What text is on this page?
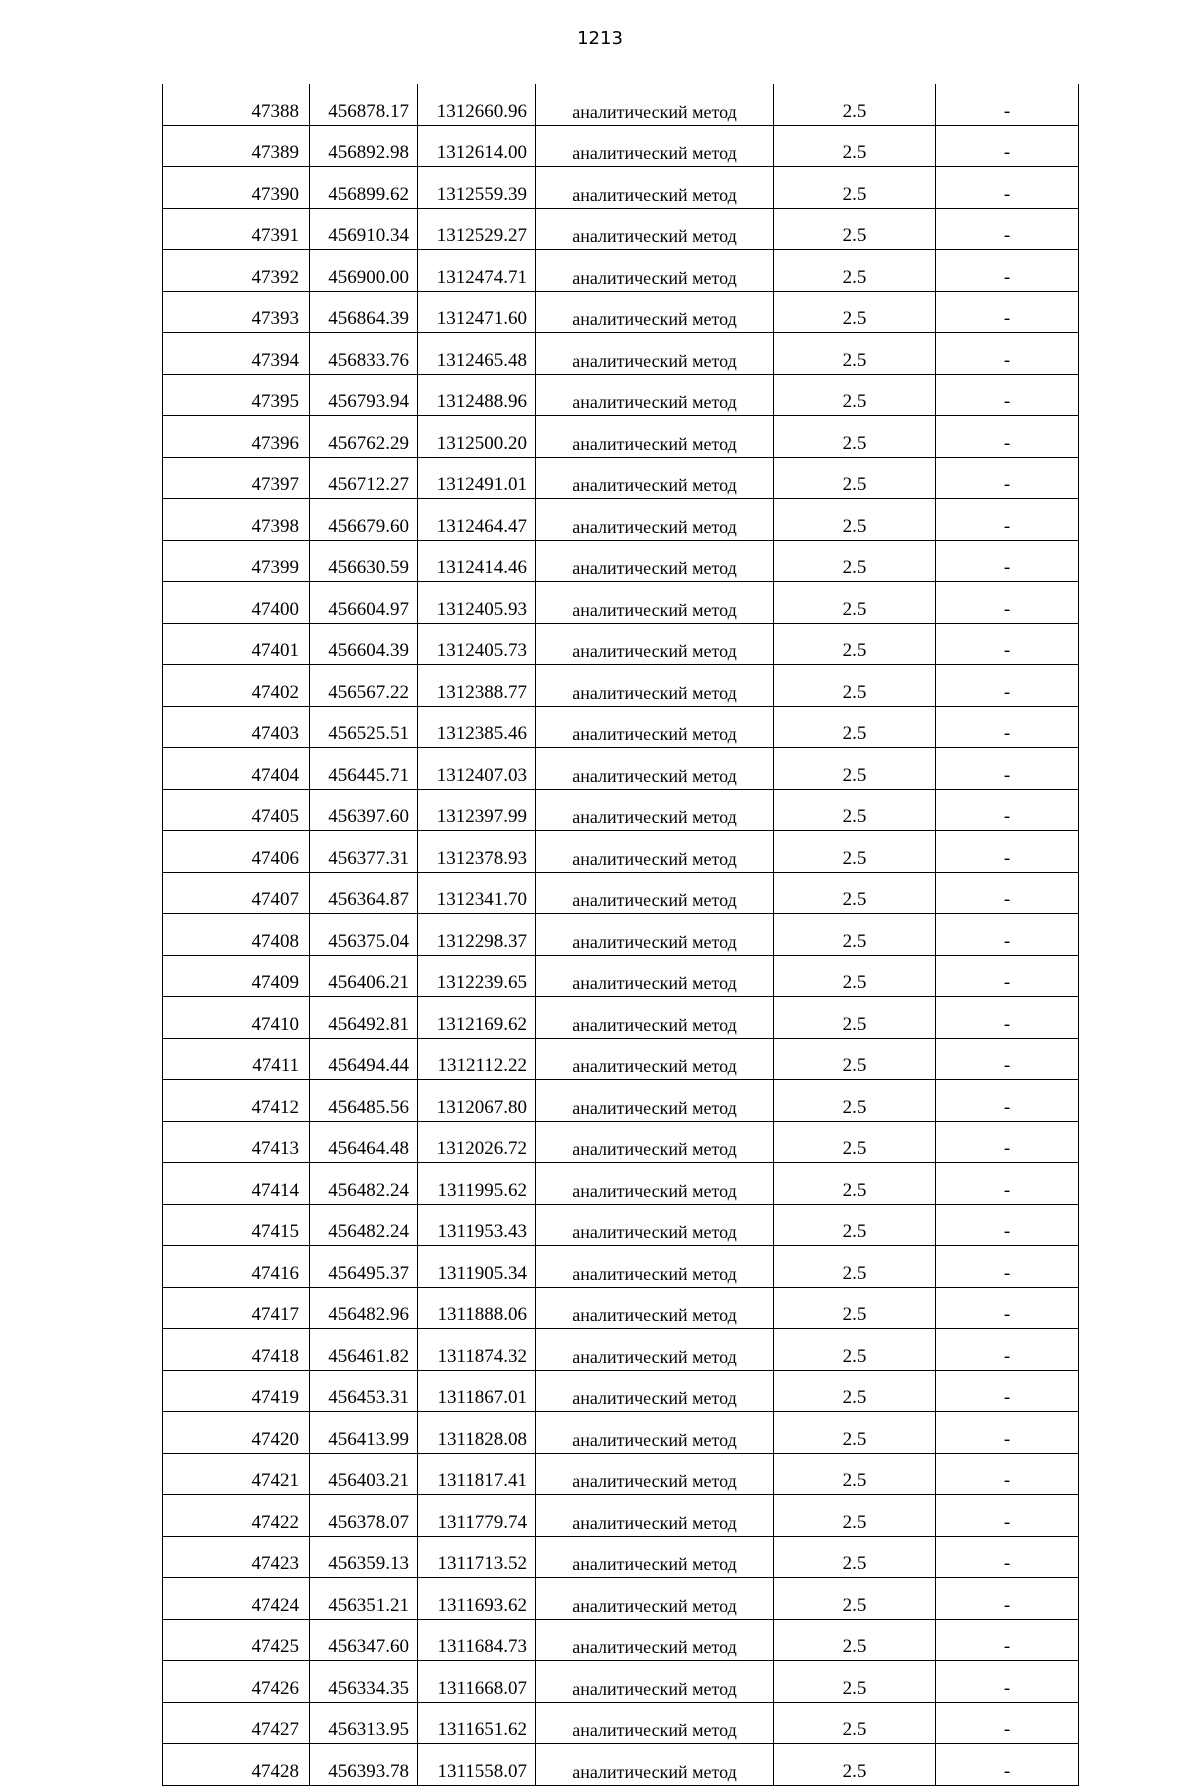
1213
47388	456878.17	1312660.96	аналитический метод	2.5	-
47389	456892.98	1312614.00	аналитический метод	2.5	-
47390	456899.62	1312559.39	аналитический метод	2.5	-
47391	456910.34	1312529.27	аналитический метод	2.5	-
47392	456900.00	1312474.71	аналитический метод	2.5	-
47393	456864.39	1312471.60	аналитический метод	2.5	-
47394	456833.76	1312465.48	аналитический метод	2.5	-
47395	456793.94	1312488.96	аналитический метод	2.5	-
47396	456762.29	1312500.20	аналитический метод	2.5	-
47397	456712.27	1312491.01	аналитический метод	2.5	-
47398	456679.60	1312464.47	аналитический метод	2.5	-
47399	456630.59	1312414.46	аналитический метод	2.5	-
47400	456604.97	1312405.93	аналитический метод	2.5	-
47401	456604.39	1312405.73	аналитический метод	2.5	-
47402	456567.22	1312388.77	аналитический метод	2.5	-
47403	456525.51	1312385.46	аналитический метод	2.5	-
47404	456445.71	1312407.03	аналитический метод	2.5	-
47405	456397.60	1312397.99	аналитический метод	2.5	-
47406	456377.31	1312378.93	аналитический метод	2.5	-
47407	456364.87	1312341.70	аналитический метод	2.5	-
47408	456375.04	1312298.37	аналитический метод	2.5	-
47409	456406.21	1312239.65	аналитический метод	2.5	-
47410	456492.81	1312169.62	аналитический метод	2.5	-
47411	456494.44	1312112.22	аналитический метод	2.5	-
47412	456485.56	1312067.80	аналитический метод	2.5	-
47413	456464.48	1312026.72	аналитический метод	2.5	-
47414	456482.24	1311995.62	аналитический метод	2.5	-
47415	456482.24	1311953.43	аналитический метод	2.5	-
47416	456495.37	1311905.34	аналитический метод	2.5	-
47417	456482.96	1311888.06	аналитический метод	2.5	-
47418	456461.82	1311874.32	аналитический метод	2.5	-
47419	456453.31	1311867.01	аналитический метод	2.5	-
47420	456413.99	1311828.08	аналитический метод	2.5	-
47421	456403.21	1311817.41	аналитический метод	2.5	-
47422	456378.07	1311779.74	аналитический метод	2.5	-
47423	456359.13	1311713.52	аналитический метод	2.5	-
47424	456351.21	1311693.62	аналитический метод	2.5	-
47425	456347.60	1311684.73	аналитический метод	2.5	-
47426	456334.35	1311668.07	аналитический метод	2.5	-
47427	456313.95	1311651.62	аналитический метод	2.5	-
47428	456393.78	1311558.07	аналитический метод	2.5	-
